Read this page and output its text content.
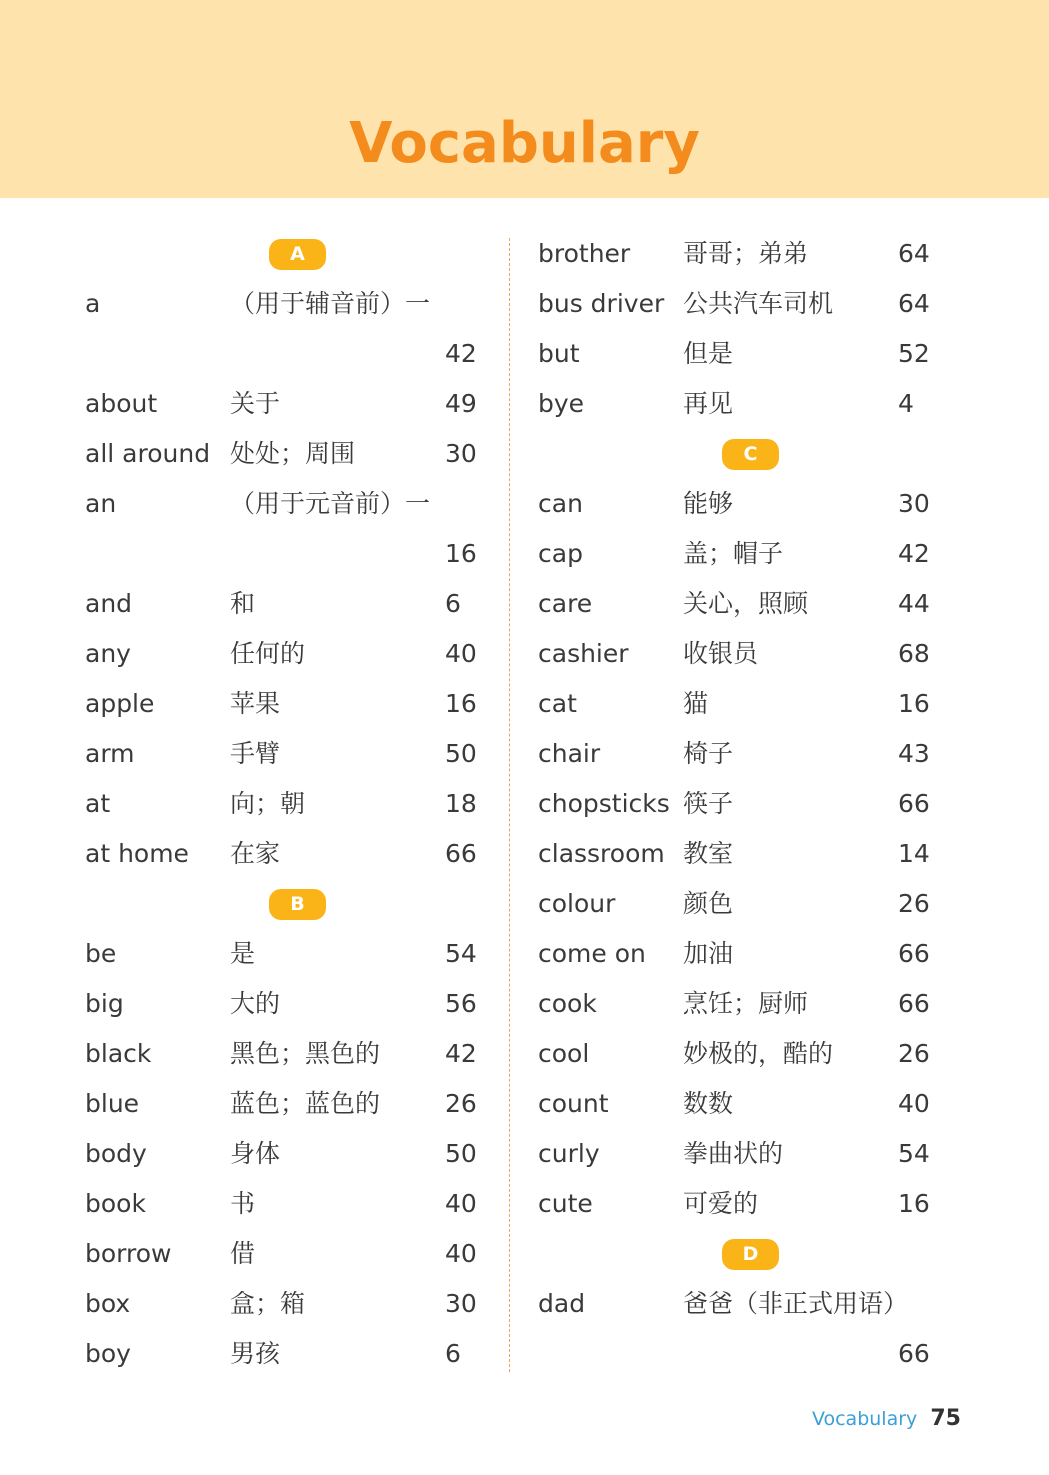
Vocabulary
A
a	（用于辅音前）一
42
about	关于	49
all around 处处；周围	30
an	（用于元音前）一
16
and	和	6
any	任何的	40
apple	苹果	16
arm	手臂	50
at	向；朝	18
at home 在家	66
B
be	是	54
big	大的	56
black	黑色；黑色的	42
blue	蓝色；蓝色的	26
body	身体	50
book	书	40
borrow 借	40
box	盒；箱	30
boy	男孩	6
brother 哥哥；弟弟	64
bus driver 公共汽车司机	64
but	但是	52
bye	再见	4
C
can	能够	30
cap	盖；帽子	42
care	关心，照顾	44
cashier 收银员	68
cat	猫	16
chair	椅子	43
chopsticks 筷子	66
classroom 教室	14
colour	颜色	26
come on 加油	66
cook	烹饪；厨师	66
cool	妙极的，酷的	26
count	数数	40
curly	拳曲状的	54
cute	可爱的	16
D
dad	爸爸（非正式用语）
66
Vocabulary 75
